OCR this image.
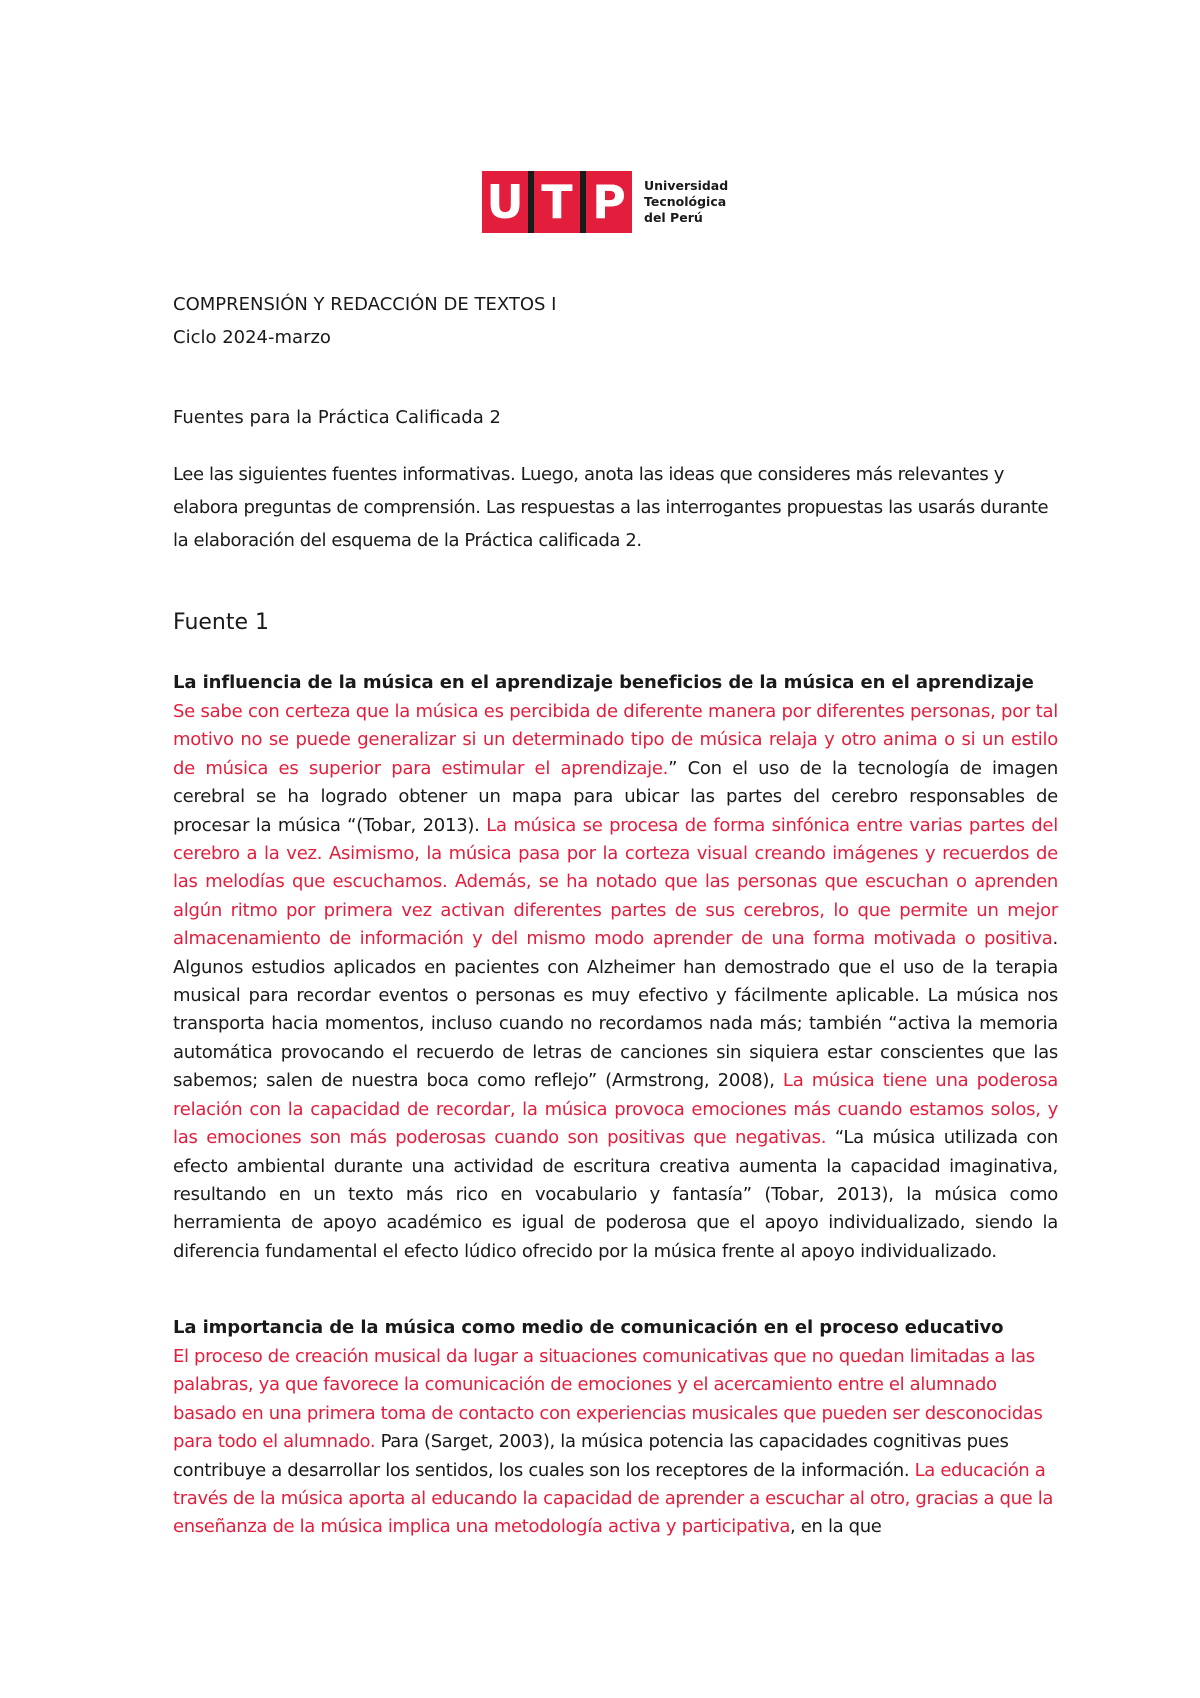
U T P	Universidad
Tecnológica
del Perú
COMPRENSIÓN Y REDACCIÓN DE TEXTOS I
Ciclo 2024-marzo
Fuentes para la Práctica Calificada 2
Lee las siguientes fuentes informativas. Luego, anota las ideas que consideres más relevantes y elabora preguntas de comprensión. Las respuestas a las interrogantes propuestas las usarás durante la elaboración del esquema de la Práctica calificada 2.
Fuente 1
La influencia de la música en el aprendizaje beneficios de la música en el aprendizaje
Se sabe con certeza que la música es percibida de diferente manera por diferentes personas, por tal motivo no se puede generalizar si un determinado tipo de música relaja y otro anima o si un estilo de música es superior para estimular el aprendizaje.” Con el uso de la tecnología de imagen cerebral se ha logrado obtener un mapa para ubicar las partes del cerebro responsables de procesar la música “(Tobar, 2013). La música se procesa de forma sinfónica entre varias partes del cerebro a la vez. Asimismo, la música pasa por la corteza visual creando imágenes y recuerdos de las melodías que escuchamos. Además, se ha notado que las personas que escuchan o aprenden algún ritmo por primera vez activan diferentes partes de sus cerebros, lo que permite un mejor almacenamiento de información y del mismo modo aprender de una forma motivada o positiva. Algunos estudios aplicados en pacientes con Alzheimer han demostrado que el uso de la terapia musical para recordar eventos o personas es muy efectivo y fácilmente aplicable. La música nos transporta hacia momentos, incluso cuando no recordamos nada más; también “activa la memoria automática provocando el recuerdo de letras de canciones sin siquiera estar conscientes que las sabemos; salen de nuestra boca como reflejo” (Armstrong, 2008), La música tiene una poderosa relación con la capacidad de recordar, la música provoca emociones más cuando estamos solos, y las emociones son más poderosas cuando son positivas que negativas. “La música utilizada con efecto ambiental durante una actividad de escritura creativa aumenta la capacidad imaginativa, resultando en un texto más rico en vocabulario y fantasía” (Tobar, 2013), la música como herramienta de apoyo académico es igual de poderosa que el apoyo individualizado, siendo la diferencia fundamental el efecto lúdico ofrecido por la música frente al apoyo individualizado.
La importancia de la música como medio de comunicación en el proceso educativo
El proceso de creación musical da lugar a situaciones comunicativas que no quedan limitadas a las palabras, ya que favorece la comunicación de emociones y el acercamiento entre el alumnado basado en una primera toma de contacto con experiencias musicales que pueden ser desconocidas para todo el alumnado. Para (Sarget, 2003), la música potencia las capacidades cognitivas pues contribuye a desarrollar los sentidos, los cuales son los receptores de la información. La educación a través de la música aporta al educando la capacidad de aprender a escuchar al otro, gracias a que la enseñanza de la música implica una metodología activa y participativa, en la que
